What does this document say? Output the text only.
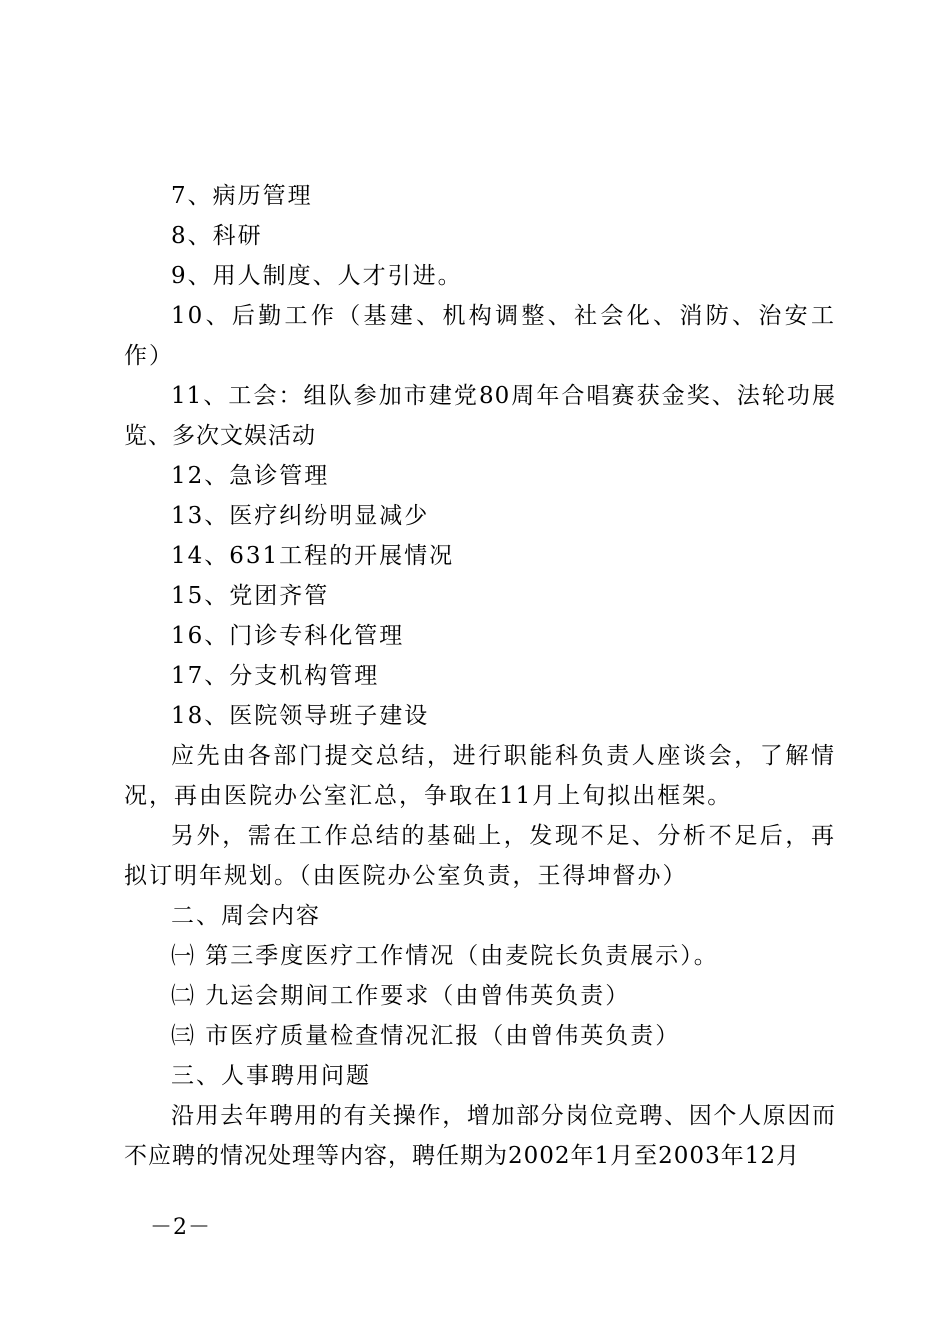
7、病历管理

8、科研

9、用人制度、人才引进。

10、后勤工作（基建、机构调整、社会化、消防、治安工作）

11、工会：组队参加市建党80周年合唱赛获金奖、法轮功展览、多次文娱活动

12、急诊管理

13、医疗纠纷明显减少

14、631工程的开展情况

15、党团齐管

16、门诊专科化管理

17、分支机构管理

18、医院领导班子建设

应先由各部门提交总结，进行职能科负责人座谈会，了解情况，再由医院办公室汇总，争取在11月上旬拟出框架。

另外，需在工作总结的基础上，发现不足、分析不足后，再拟订明年规划。（由医院办公室负责，王得坤督办）

二、周会内容

㈠ 第三季度医疗工作情况（由麦院长负责展示）。

㈡ 九运会期间工作要求（由曾伟英负责）

㈢ 市医疗质量检查情况汇报（由曾伟英负责）

三、人事聘用问题

沿用去年聘用的有关操作，增加部分岗位竞聘、因个人原因而不应聘的情况处理等内容，聘任期为2002年1月至2003年12月

－2－
